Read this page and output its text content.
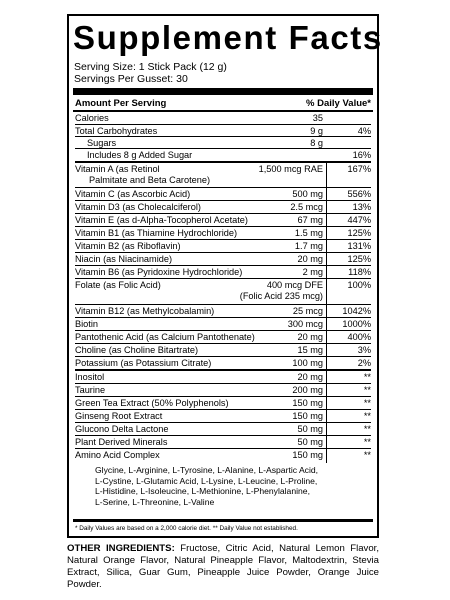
Supplement Facts
Serving Size: 1 Stick Pack (12 g)
Servings Per Gusset: 30
Amount Per Serving	% Daily Value*
Calories	35
Total Carbohydrates	9 g	4%
Sugars	8 g
Includes 8 g Added Sugar	16%
Vitamin A (as Retinol
Palmitate and Beta Carotene)
1,500 mcg RAE	167%
Vitamin C (as Ascorbic Acid)	500 mg	556%
Vitamin D3 (as Cholecalciferol)	2.5 mcg	13%
Vitamin E (as d-Alpha-Tocopherol Acetate)	67 mg	447%
Vitamin B1 (as Thiamine Hydrochloride)	1.5 mg	125%
Vitamin B2 (as Riboflavin)	1.7 mg	131%
Niacin (as Niacinamide)	20 mg	125%
Vitamin B6 (as Pyridoxine Hydrochloride)	2 mg	118%
Folate (as Folic Acid)	400 mcg DFE
(Folic Acid 235 mcg)
100%
Vitamin B12 (as Methylcobalamin)	25 mcg 1042%
Biotin	300 mcg 1000%
Pantothenic Acid (as Calcium Pantothenate)	20 mg	400%
Choline (as Choline Bitartrate)	15 mg	3%
Potassium (as Potassium Citrate)	100 mg	2%
Inositol	20 mg	**
Taurine	200 mg	**
Green Tea Extract (50% Polyphenols)	150 mg	**
Ginseng Root Extract	150 mg	**
Glucono Delta Lactone	50 mg	**
Plant Derived Minerals	50 mg	**
Amino Acid Complex	150 mg	**
Glycine, L-Arginine, L-Tyrosine, L-Alanine, L-Aspartic Acid,
L-Cystine, L-Glutamic Acid, L-Lysine, L-Leucine, L-Proline,
L-Histidine, L-Isoleucine, L-Methionine, L-Phenylalanine,
L-Serine, L-Threonine, L-Valine
* Daily Values are based on a 2,000 calorie diet. ** Daily Value not established.
OTHER INGREDIENTS: Fructose, Citric Acid, Natural Lemon Flavor, Natural Orange Flavor, Natural Pineapple Flavor, Maltodextrin, Stevia Extract, Silica, Guar Gum, Pineapple Juice Powder, Orange Juice Powder.
